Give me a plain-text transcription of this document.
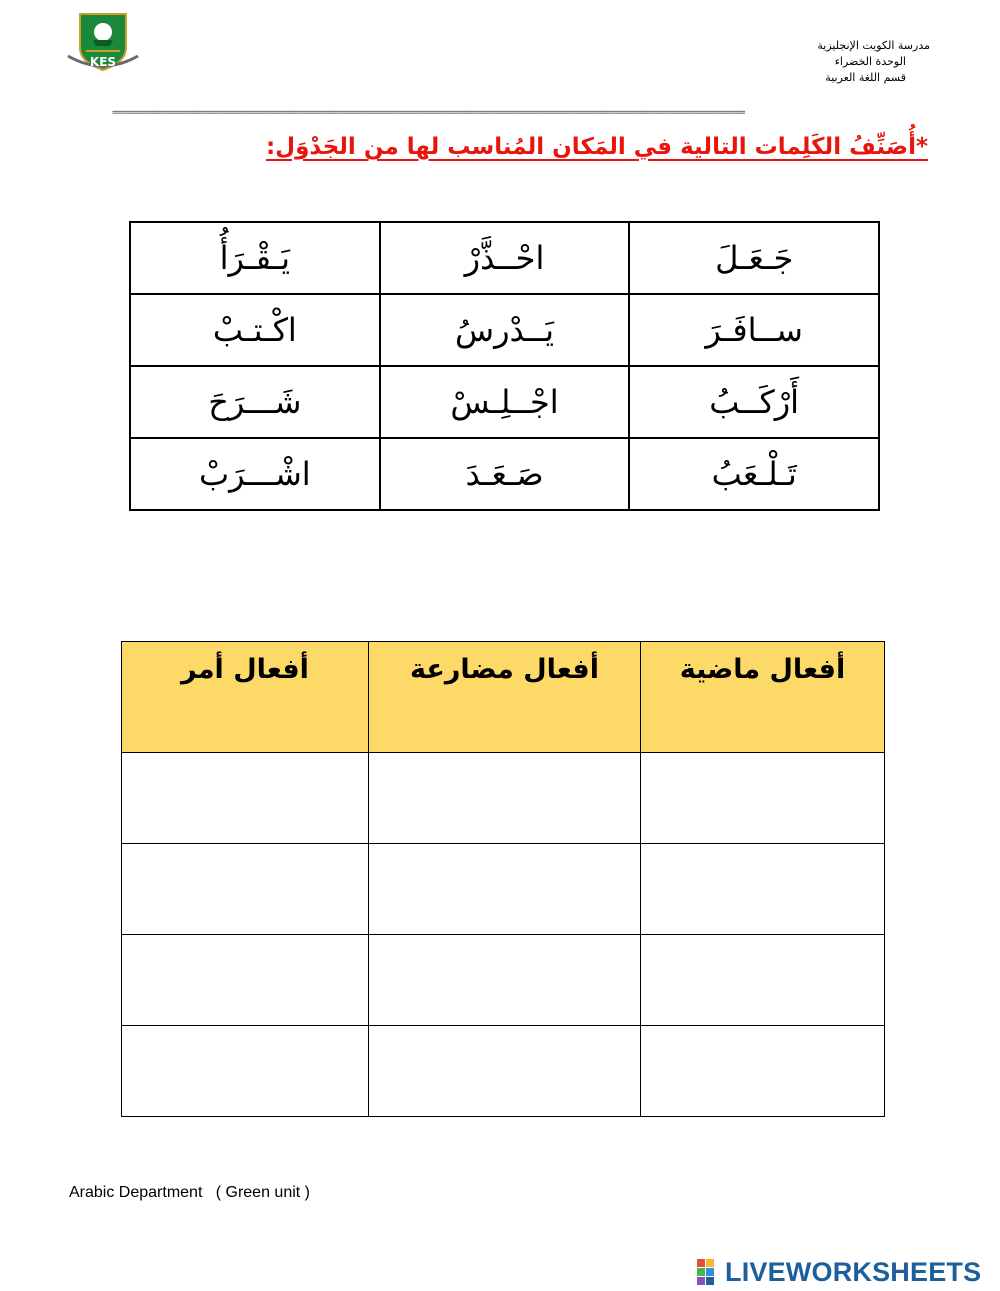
KES
مدرسة الكويت الإنجليزية
الوحدة الخضراء
قسم اللغة العربية
=========================================================================================================================================
*أُصَنِّفُ الكَلِمات التالية في المَكان المُناسب لها من الجَدْوَل:
جَـعَـلَ	احْــذَّرْ	يَـقْـرَأُ
ســافَـرَ	يَــدْرسُ	اكْـتـبْ
أَرْكَــبُ	اجْــلِـسْ	شَـــرَحَ
تَـلْـعَبُ	صَـعَـدَ	اشْـــرَبْ
أفعال ماضية	أفعال مضارعة	أفعال أمر

Arabic Department   ( Green unit )
LIVEWORKSHEETS
